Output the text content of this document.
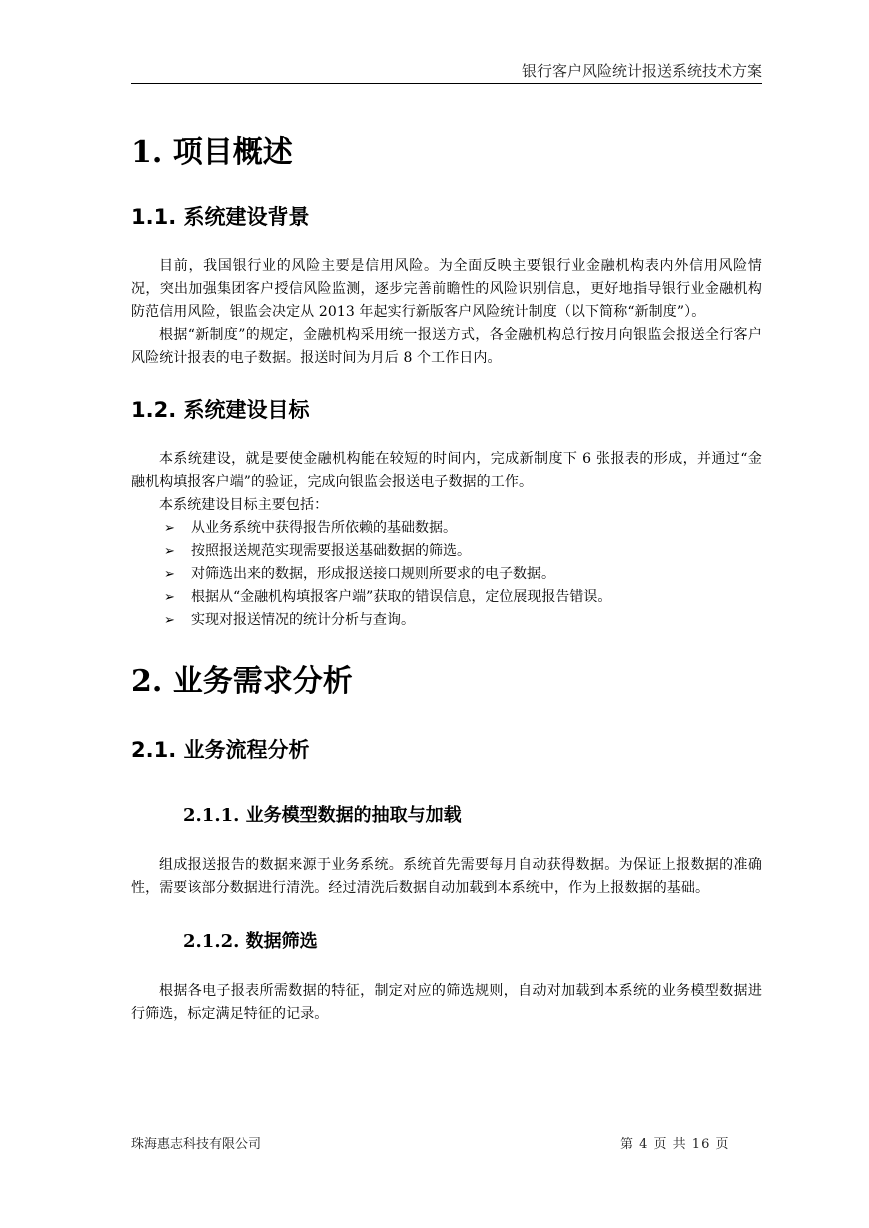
银行客户风险统计报送系统技术方案
1. 项目概述
1.1. 系统建设背景

目前，我国银行业的风险主要是信用风险。为全面反映主要银行业金融机构表内外信用风险情况，突出加强集团客户授信风险监测，逐步完善前瞻性的风险识别信息，更好地指导银行业金融机构防范信用风险，银监会决定从 2013 年起实行新版客户风险统计制度（以下简称“新制度”）。

根据“新制度”的规定，金融机构采用统一报送方式，各金融机构总行按月向银监会报送全行客户风险统计报表的电子数据。报送时间为月后 8 个工作日内。

1.2. 系统建设目标

本系统建设，就是要使金融机构能在较短的时间内，完成新制度下 6 张报表的形成，并通过“金融机构填报客户端”的验证，完成向银监会报送电子数据的工作。

本系统建设目标主要包括：

➢ 从业务系统中获得报告所依赖的基础数据。
➢ 按照报送规范实现需要报送基础数据的筛选。
➢ 对筛选出来的数据，形成报送接口规则所要求的电子数据。
➢ 根据从“金融机构填报客户端”获取的错误信息，定位展现报告错误。
➢ 实现对报送情况的统计分析与查询。
2. 业务需求分析
2.1. 业务流程分析
2.1.1. 业务模型数据的抽取与加载

组成报送报告的数据来源于业务系统。系统首先需要每月自动获得数据。为保证上报数据的准确性，需要该部分数据进行清洗。经过清洗后数据自动加载到本系统中，作为上报数据的基础。

2.1.2. 数据筛选

根据各电子报表所需数据的特征，制定对应的筛选规则，自动对加载到本系统的业务模型数据进行筛选，标定满足特征的记录。

珠海惠志科技有限公司	第 4 页 共 16 页
